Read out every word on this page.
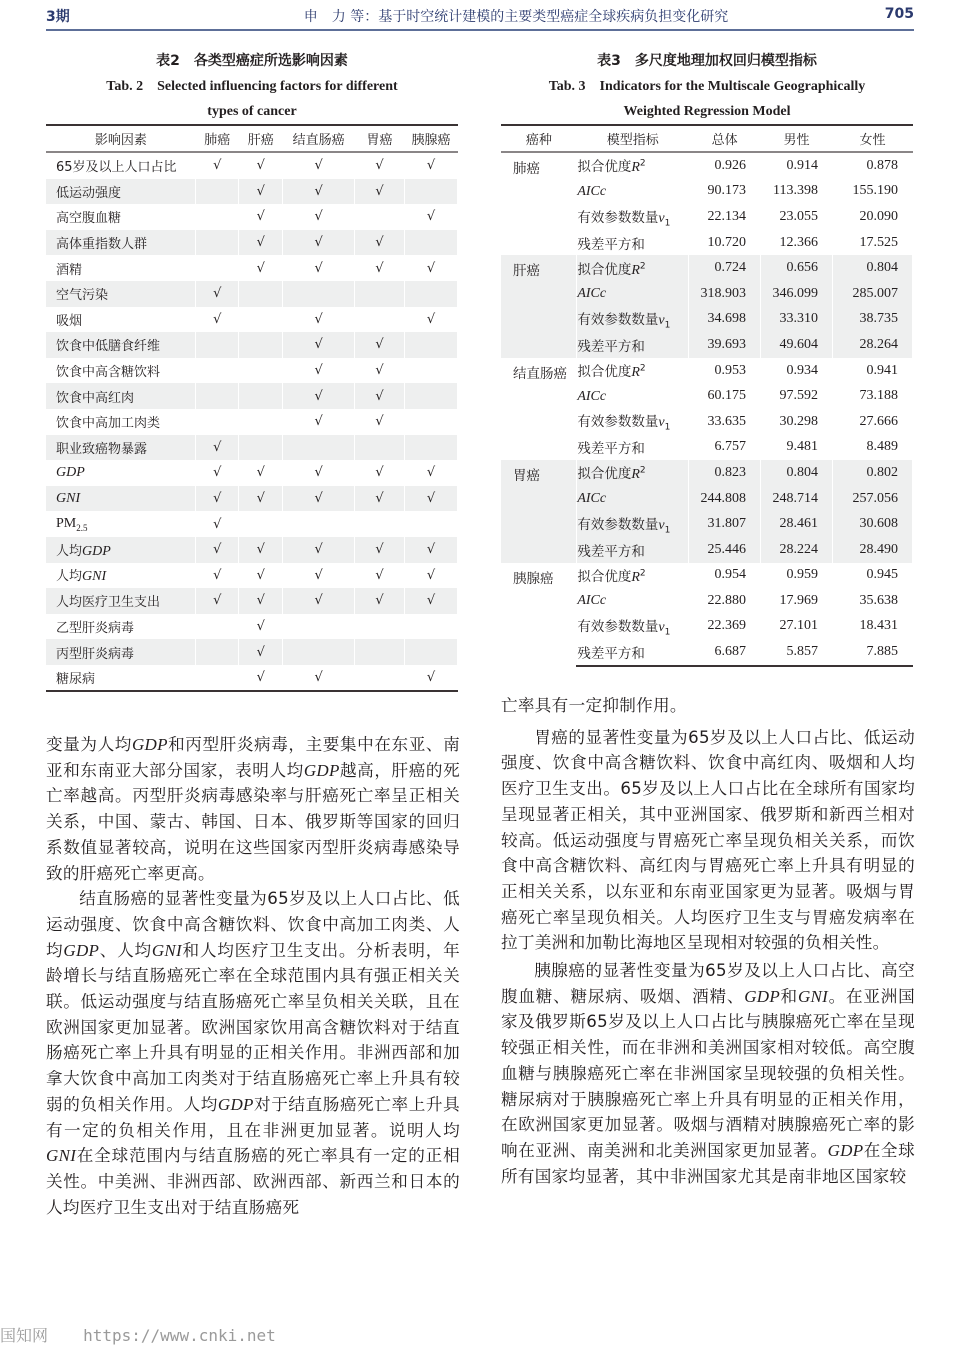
3期	申　力 等：基于时空统计建模的主要类型癌症全球疾病负担变化研究	705
表2　各类型癌症所选影响因素
Tab. 2　Selected influencing factors for different
types of cancer
影响因素	肺癌	肝癌	结直肠癌	胃癌	胰腺癌
65岁及以上人口占比	√	√	√	√	√
低运动强度		√	√	√	
高空腹血糖		√	√		√
高体重指数人群		√	√	√	
酒精		√	√	√	√
空气污染	√				
吸烟	√		√		√
饮食中低膳食纤维			√	√	
饮食中高含糖饮料			√	√	
饮食中高红肉			√	√	
饮食中高加工肉类			√	√	
职业致癌物暴露	√				
GDP	√	√	√	√	√
GNI	√	√	√	√	√
$PM_{2.5}$	√				
人均GDP	√	√	√	√	√
人均GNI	√	√	√	√	√
人均医疗卫生支出	√	√	√	√	√
乙型肝炎病毒		√			
丙型肝炎病毒		√			
糖尿病		√	√		√
表3　多尺度地理加权回归模型指标
Tab. 3　Indicators for the Multiscale Geographically
Weighted Regression Model
癌种	模型指标	总体	男性	女性
肺癌	拟合优度$R^2$	0.926	0.914	0.878
	AICc	90.173	113.398	155.190
	有效参数数量$v_1$	22.134	23.055	20.090
	残差平方和	10.720	12.366	17.525
肝癌	拟合优度$R^2$	0.724	0.656	0.804
	AICc	318.903	346.099	285.007
	有效参数数量$v_1$	34.698	33.310	38.735
	残差平方和	39.693	49.604	28.264
结直肠癌	拟合优度$R^2$	0.953	0.934	0.941
	AICc	60.175	97.592	73.188
	有效参数数量$v_1$	33.635	30.298	27.666
	残差平方和	6.757	9.481	8.489
胃癌	拟合优度$R^2$	0.823	0.804	0.802
	AICc	244.808	248.714	257.056
	有效参数数量$v_1$	31.807	28.461	30.608
	残差平方和	25.446	28.224	28.490
胰腺癌	拟合优度$R^2$	0.954	0.959	0.945
	AICc	22.880	17.969	35.638
	有效参数数量$v_1$	22.369	27.101	18.431
	残差平方和	6.687	5.857	7.885

变量为人均GDP和丙型肝炎病毒，主要集中在东亚、南亚和东南亚大部分国家，表明人均GDP越高，肝癌的死亡率越高。丙型肝炎病毒感染率与肝癌死亡率呈正相关关系，中国、蒙古、韩国、日本、俄罗斯等国家的回归系数值显著较高，说明在这些国家丙型肝炎病毒感染导致的肝癌死亡率更高。

结直肠癌的显著性变量为65岁及以上人口占比、低运动强度、饮食中高含糖饮料、饮食中高加工肉类、人均GDP、人均GNI和人均医疗卫生支出。分析表明，年龄增长与结直肠癌死亡率在全球范围内具有强正相关关联。低运动强度与结直肠癌死亡率呈负相关关联，且在欧洲国家更加显著。欧洲国家饮用高含糖饮料对于结直肠癌死亡率上升具有明显的正相关作用。非洲西部和加拿大饮食中高加工肉类对于结直肠癌死亡率上升具有较弱的负相关作用。人均GDP对于结直肠癌死亡率上升具有一定的负相关作用，且在非洲更加显著。说明人均GNI在全球范围内与结直肠癌的死亡率具有一定的正相关性。中美洲、非洲西部、欧洲西部、新西兰和日本的人均医疗卫生支出对于结直肠癌死

亡率具有一定抑制作用。

胃癌的显著性变量为65岁及以上人口占比、低运动强度、饮食中高含糖饮料、饮食中高红肉、吸烟和人均医疗卫生支出。65岁及以上人口占比在全球所有国家均呈现显著正相关，其中亚洲国家、俄罗斯和新西兰相对较高。低运动强度与胃癌死亡率呈现负相关关系，而饮食中高含糖饮料、高红肉与胃癌死亡率上升具有明显的正相关关系，以东亚和东南亚国家更为显著。吸烟与胃癌死亡率呈现负相关。人均医疗卫生支与胃癌发病率在拉丁美洲和加勒比海地区呈现相对较强的负相关性。

胰腺癌的显著性变量为65岁及以上人口占比、高空腹血糖、糖尿病、吸烟、酒精、GDP和GNI。在亚洲国家及俄罗斯65岁及以上人口占比与胰腺癌死亡率在呈现较强正相关性，而在非洲和美洲国家相对较低。高空腹血糖与胰腺癌死亡率在非洲国家呈现较强的负相关性。糖尿病对于胰腺癌死亡率上升具有明显的正相关作用，在欧洲国家更加显著。吸烟与酒精对胰腺癌死亡率的影响在亚洲、南美洲和北美洲国家更加显著。GDP在全球所有国家均显著，其中非洲国家尤其是南非地区国家较

国知网 https://www.cnki.net
